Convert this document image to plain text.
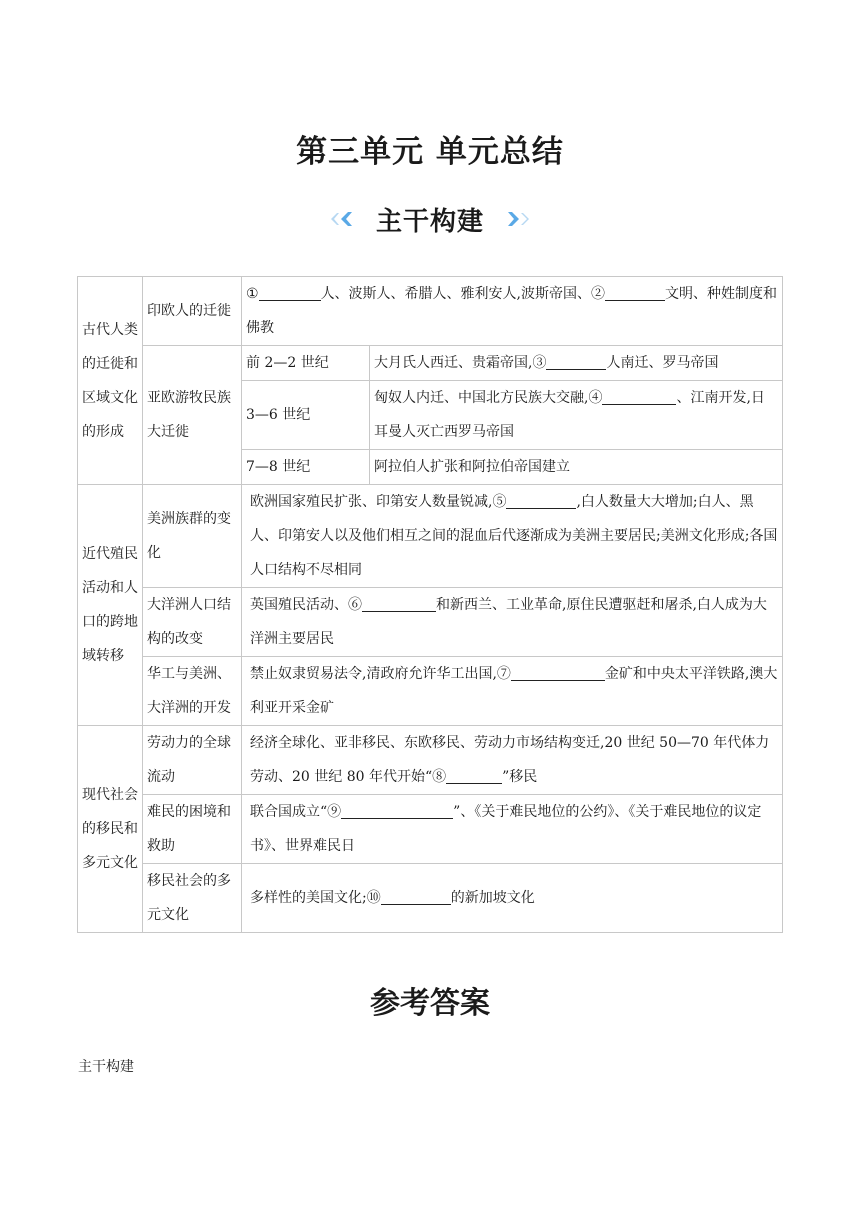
第三单元 单元总结
主干构建
古代人类的迁徙和区域文化的形成	印欧人的迁徙	① 人、波斯人、希腊人、雅利安人,波斯帝国、② 文明、种姓制度和佛教	
	亚欧游牧民族大迁徙	前 2—2 世纪	大月氏人西迁、贵霜帝国,③ 人南迁、罗马帝国
		3—6 世纪	匈奴人内迁、中国北方民族大交融,④ 、江南开发,日耳曼人灭亡西罗马帝国
		7—8 世纪	阿拉伯人扩张和阿拉伯帝国建立
近代殖民活动和人口的跨地域转移	美洲族群的变化	欧洲国家殖民扩张、印第安人数量锐减,⑤ ,白人数量大大增加;白人、黑人、印第安人以及他们相互之间的混血后代逐渐成为美洲主要居民;美洲文化形成;各国人口结构不尽相同	
	大洋洲人口结构的改变	英国殖民活动、⑥ 和新西兰、工业革命,原住民遭驱赶和屠杀,白人成为大洋洲主要居民	
	华工与美洲、大洋洲的开发	禁止奴隶贸易法令,清政府允许华工出国,⑦ 金矿和中央太平洋铁路,澳大利亚开采金矿	
现代社会的移民和多元文化	劳动力的全球流动	经济全球化、亚非移民、东欧移民、劳动力市场结构变迁,20 世纪 50—70 年代体力劳动、20 世纪 80 年代开始“⑧ ”移民	
	难民的困境和救助	联合国成立“⑨ ”、《关于难民地位的公约》、《关于难民地位的议定书》、世界难民日	
	移民社会的多元文化	多样性的美国文化;⑩ 的新加坡文化	
参考答案
主干构建
